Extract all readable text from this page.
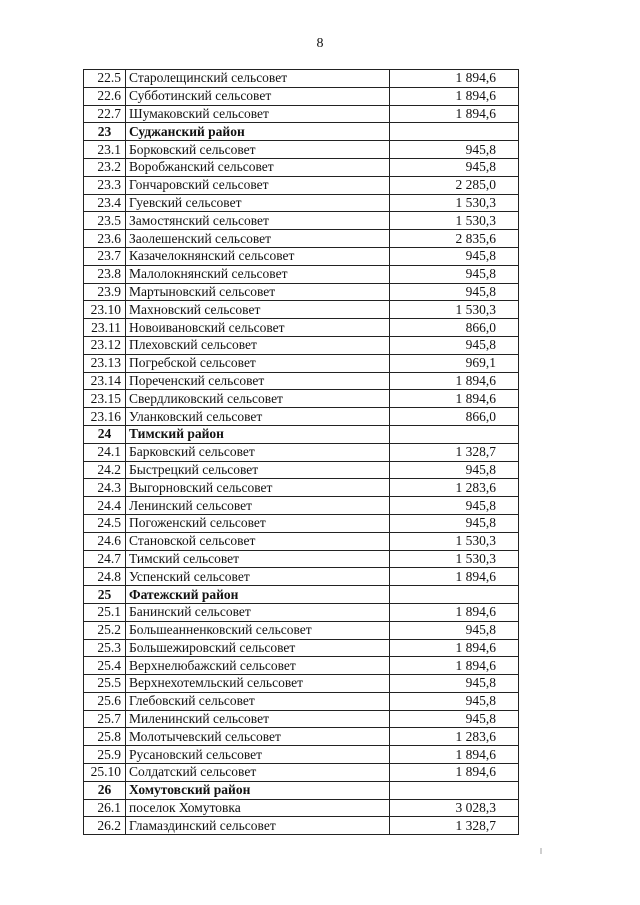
8
22.5	Старолещинский сельсовет	1 894,6
22.6	Субботинский сельсовет	1 894,6
22.7	Шумаковский сельсовет	1 894,6
23	Суджанский район	
23.1	Борковский сельсовет	945,8
23.2	Воробжанский сельсовет	945,8
23.3	Гончаровский сельсовет	2 285,0
23.4	Гуевский сельсовет	1 530,3
23.5	Замостянский сельсовет	1 530,3
23.6	Заолешенский сельсовет	2 835,6
23.7	Казачелокнянский сельсовет	945,8
23.8	Малолокнянский сельсовет	945,8
23.9	Мартыновский сельсовет	945,8
23.10	Махновский сельсовет	1 530,3
23.11	Новоивановский сельсовет	866,0
23.12	Плеховский сельсовет	945,8
23.13	Погребской сельсовет	969,1
23.14	Пореченский сельсовет	1 894,6
23.15	Свердликовский сельсовет	1 894,6
23.16	Уланковский сельсовет	866,0
24	Тимский район	
24.1	Барковский сельсовет	1 328,7
24.2	Быстрецкий сельсовет	945,8
24.3	Выгорновский сельсовет	1 283,6
24.4	Ленинский сельсовет	945,8
24.5	Погоженский сельсовет	945,8
24.6	Становской сельсовет	1 530,3
24.7	Тимский сельсовет	1 530,3
24.8	Успенский сельсовет	1 894,6
25	Фатежский район	
25.1	Банинский сельсовет	1 894,6
25.2	Большеанненковский сельсовет	945,8
25.3	Большежировский сельсовет	1 894,6
25.4	Верхнелюбажский сельсовет	1 894,6
25.5	Верхнехотемльский сельсовет	945,8
25.6	Глебовский сельсовет	945,8
25.7	Миленинский сельсовет	945,8
25.8	Молотычевский сельсовет	1 283,6
25.9	Русановский сельсовет	1 894,6
25.10	Солдатский сельсовет	1 894,6
26	Хомутовский район	
26.1	поселок Хомутовка	3 028,3
26.2	Гламаздинский сельсовет	1 328,7
